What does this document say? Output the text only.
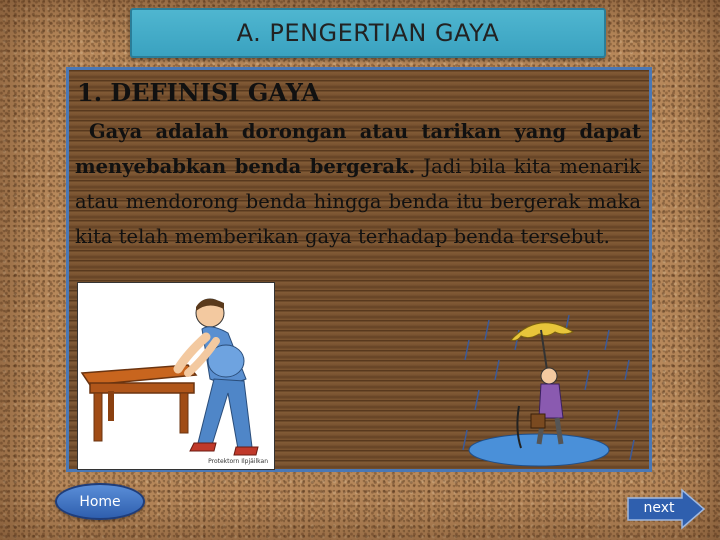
A. PENGERTIAN GAYA
1. DEFINISI GAYA

Gaya adalah dorongan atau tarikan yang dapat menyebabkan benda bergerak. Jadi bila kita menarik atau mendorong benda hingga benda itu bergerak maka kita telah memberikan gaya terhadap benda tersebut.

Protektorn Ilpjäilkan
Home	next
